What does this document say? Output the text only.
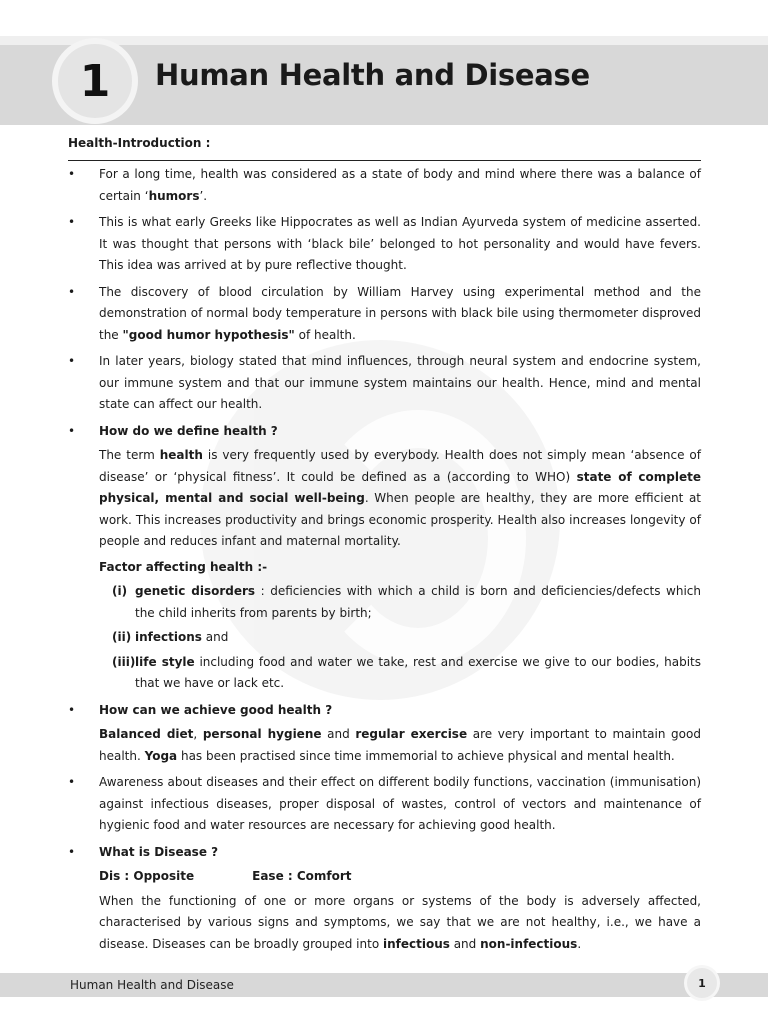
1	Human Health and Disease
Health-Introduction :
• For a long time, health was considered as a state of body and mind where there was a balance of certain ‘humors’.
• This is what early Greeks like Hippocrates as well as Indian Ayurveda system of medicine asserted. It was thought that persons with ‘black bile’ belonged to hot personality and would have fevers. This idea was arrived at by pure reflective thought.
• The discovery of blood circulation by William Harvey using experimental method and the demonstration of normal body temperature in persons with black bile using thermometer disproved the "good humor hypothesis" of health.
• In later years, biology stated that mind influences, through neural system and endocrine system, our immune system and that our immune system maintains our health. Hence, mind and mental state can affect our health.
• How do we define health ?
The term health is very frequently used by everybody. Health does not simply mean ‘absence of disease’ or ‘physical fitness’. It could be defined as a (according to WHO) state of complete physical, mental and social well-being. When people are healthy, they are more efficient at work. This increases productivity and brings economic prosperity. Health also increases longevity of people and reduces infant and maternal mortality.
Factor affecting health :-
(i) genetic disorders : deficiencies with which a child is born and deficiencies/defects which the child inherits from parents by birth;
(ii) infections and
(iii) life style including food and water we take, rest and exercise we give to our bodies, habits that we have or lack etc.
• How can we achieve good health ?
Balanced diet, personal hygiene and regular exercise are very important to maintain good health. Yoga has been practised since time immemorial to achieve physical and mental health.
• Awareness about diseases and their effect on different bodily functions, vaccination (immunisation) against infectious diseases, proper disposal of wastes, control of vectors and maintenance of hygienic food and water resources are necessary for achieving good health.
• What is Disease ?
Dis : Opposite	Ease : Comfort
When the functioning of one or more organs or systems of the body is adversely affected, characterised by various signs and symptoms, we say that we are not healthy, i.e., we have a disease. Diseases can be broadly grouped into infectious and non-infectious.
Human Health and Disease	1
